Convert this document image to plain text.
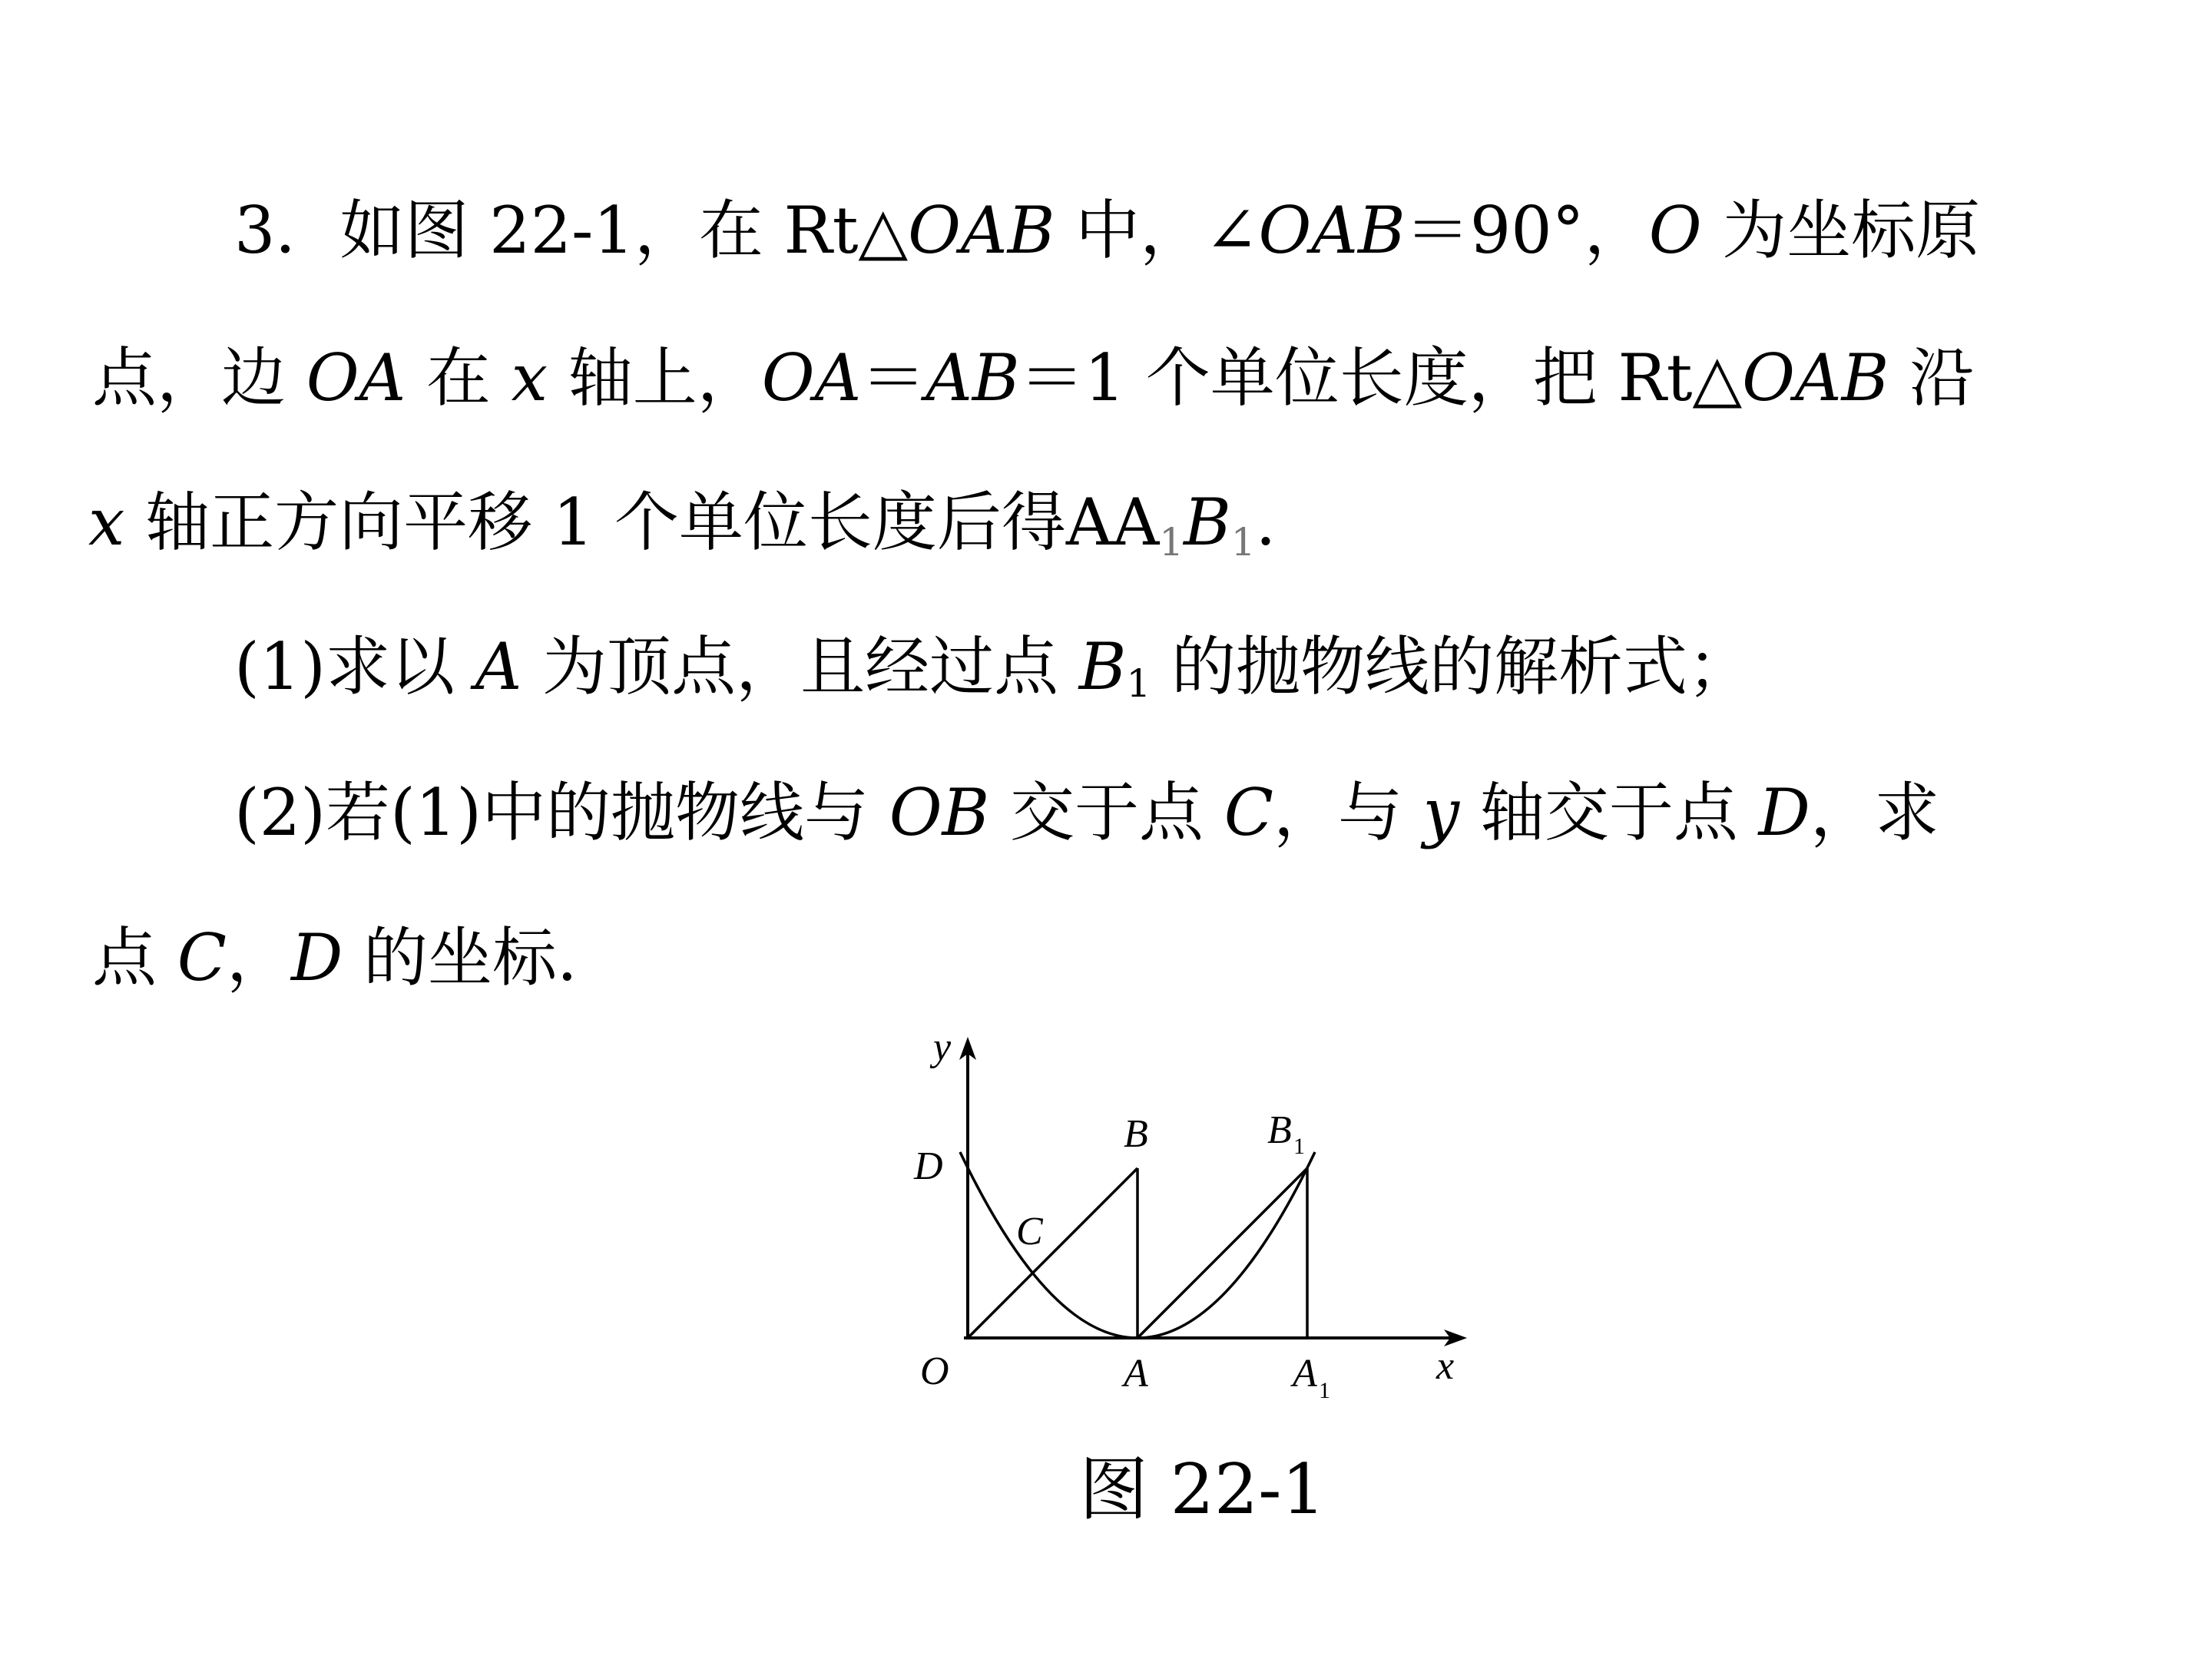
3．如图 22-1，在 Rt△OAB 中，∠OAB＝90°，O 为坐标原
点，边 OA 在 x 轴上，OA＝AB＝1 个单位长度，把 Rt△OAB 沿
x 轴正方向平移 1 个单位长度后得$AA_1B_1$.
(1)求以 A 为顶点，且经过点 B1 的抛物线的解析式；
(2)若(1)中的抛物线与 OB 交于点 C，与 y 轴交于点 D，求
点 C，D 的坐标.
y
D
C
B	B 1
O	A	A 1
x
图 22-1
